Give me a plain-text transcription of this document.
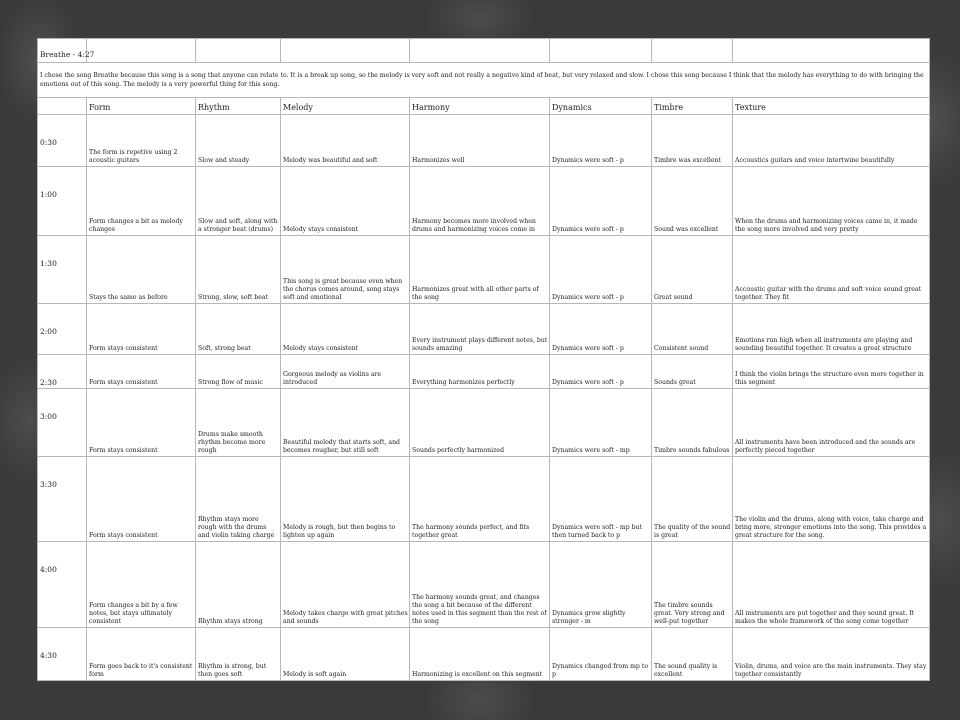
Breathe - 4:27							
I chose the song Breathe because this song is a song that anyone can relate to. It is a break up song, so the melody is very soft and not really a negative kind of beat, but very relaxed and slow. I chose this song because I think that the melody has everything to do with bringing the emotions out of this song. The melody is a very powerful thing for this song.							
	Form	Rhythm	Melody	Harmony	Dynamics	Timbre	Texture
0:30	The form is repetive using 2 acoustic guitars	Slow and steady	Melody was beautiful and soft	Harmonizes well	Dynamics were soft - p	Timbre was excellent	Accoustics guitars and voice intertwine beautifully
1:00	Form changes a bit as melody changes	Slow and soft, along with a stronger beat (drums)	Melody stays consistent	Harmony becomes more involved when drums and harmonizing voices come in	Dynamics were soft - p	Sound was excellent	When the drums and harmonizing voices came in, it made the song more involved and very pretty
1:30	Stays the same as before	Strong, slow, soft beat	This song is great because even when the chorus comes around, song stays soft and emotional	Harmonizes great with all other parts of the song	Dynamics were soft - p	Great sound	Accoustic guitar with the drums and soft voice sound great together. They fit
2:00	Form stays consistent	Soft, strong beat	Melody stays consistent	Every instrument plays different notes, but sounds amazing	Dynamics were soft - p	Consistent sound	Emotions run high when all instruments are playing and sounding beautiful together. It creates a great structure
2:30	Form stays consistent	Strong flow of music	Gorgeous melody as violins are introduced	Everything harmonizes perfectly	Dynamics were soft - p	Sounds great	I think the violin brings the structure even more together in this segment
3:00	Form stays consistent	Drums make smooth rhythm become more rough	Beautiful melody that starts soft, and becomes rougher, but still soft	Sounds perfectly harmonized	Dynamics were soft - mp	Timbre sounds fabulous	All instruments have been introduced and the sounds are perfectly pieced together
3:30	Form stays consistent	Rhythm stays more rough with the drums and violin taking charge	Melody is rough, but then begins to lighten up again	The harmony sounds perfect, and fits together great	Dynamics were soft - mp but then turned back to p	The quality of the sound is great	The violin and the drums, along with voice, take charge and bring more, stronger emotions into the song. This provides a great structure for the song.
4:00	Form changes a bit by a few notes, but stays ultimately consistent	Rhythm stays strong	Melody takes charge with great pitches and sounds	The harmony sounds great, and changes the song a bit because of the different notes used in this segment than the rest of the song	Dynamics grow slightly stronger - m	The timbre sounds great. Very strong and well-put together	All instruments are put together and they sound great. It makes the whole framework of the song come together
4:30	Form goes back to it's consistent form	Rhythm is strong, but then goes soft	Melody is soft again	Harmonizing is excellent on this segment	Dynamics changed from mp to p	The sound quality is excellent	Violin, drums, and voice are the main instruments. They stay together consistantly
